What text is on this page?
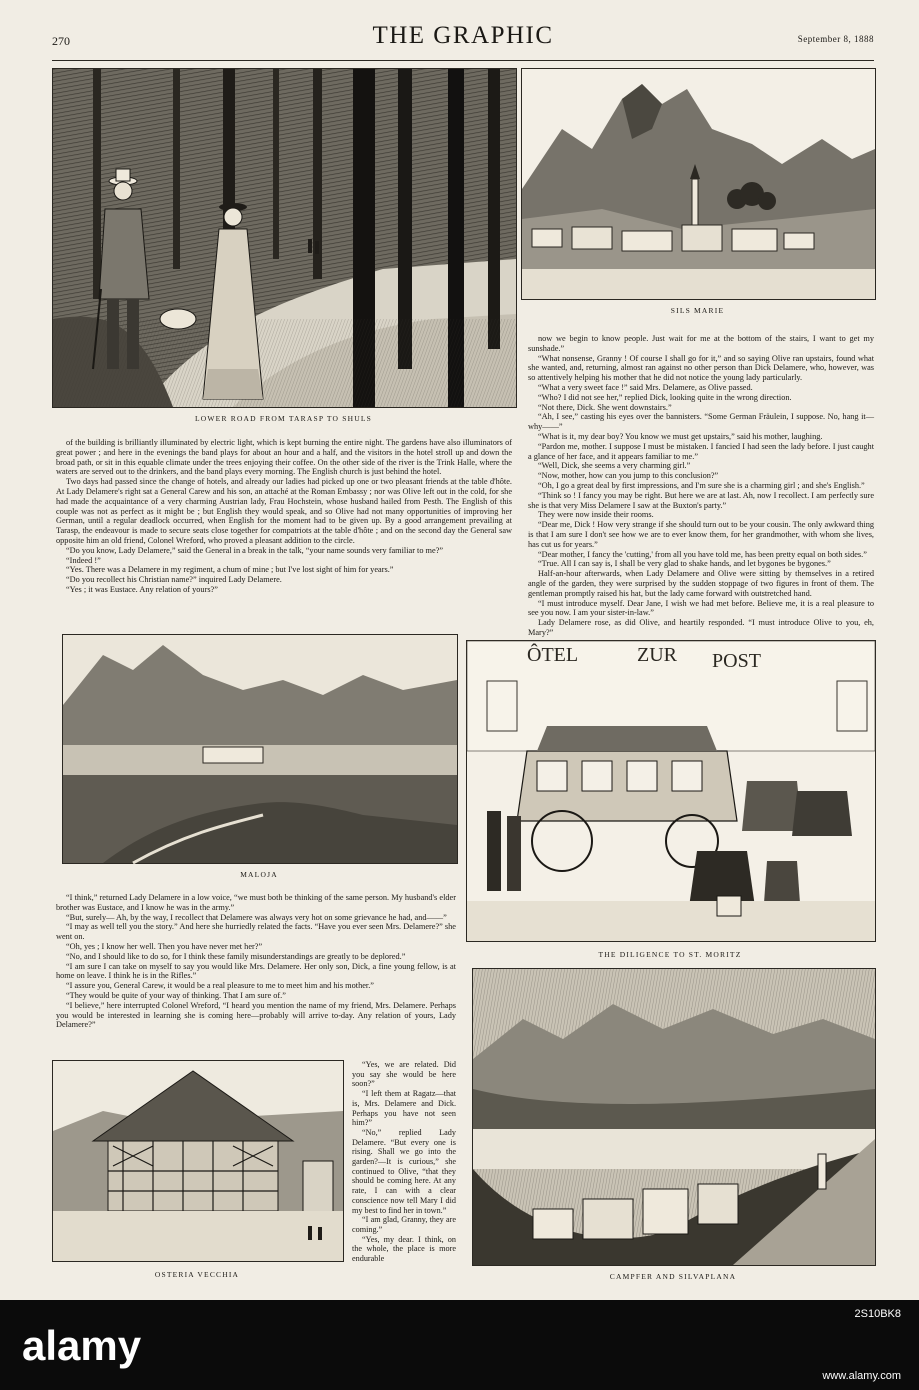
270	THE GRAPHIC	September 8, 1888
LOWER ROAD FROM TARASP TO SHULS
SILS MARIE

now we begin to know people. Just wait for me at the bottom of the stairs, I want to get my sunshade.”

“What nonsense, Granny ! Of course I shall go for it,” and so saying Olive ran upstairs, found what she wanted, and, returning, almost ran against no other person than Dick Delamere, who, however, was so attentively helping his mother that he did not notice the young lady particularly.

“What a very sweet face !” said Mrs. Delamere, as Olive passed.

“Who? I did not see her,” replied Dick, looking quite in the wrong direction.

“Not there, Dick. She went downstairs.”

“Ah, I see,” casting his eyes over the bannisters. “Some German Fräulein, I suppose. No, hang it—why——”

“What is it, my dear boy? You know we must get upstairs,” said his mother, laughing.

“Pardon me, mother. I suppose I must be mistaken. I fancied I had seen the lady before. I just caught a glance of her face, and it appears familiar to me.”

“Well, Dick, she seems a very charming girl.”

“Now, mother, how can you jump to this conclusion?”

“Oh, I go a great deal by first impressions, and I'm sure she is a charming girl ; and she's English.”

“Think so ! I fancy you may be right. But here we are at last. Ah, now I recollect. I am perfectly sure she is that very Miss Delamere I saw at the Buxton's party.”

They were now inside their rooms.

“Dear me, Dick ! How very strange if she should turn out to be your cousin. The only awkward thing is that I am sure I don't see how we are to ever know them, for her grandmother, with whom she lives, has cut us for years.”

“Dear mother, I fancy the 'cutting,' from all you have told me, has been pretty equal on both sides.”

“True. All I can say is, I shall be very glad to shake hands, and let bygones be bygones.”

Half-an-hour afterwards, when Lady Delamere and Olive were sitting by themselves in a retired angle of the garden, they were surprised by the sudden stoppage of two figures in front of them. The gentleman promptly raised his hat, but the lady came forward with outstretched hand.

“I must introduce myself. Dear Jane, I wish we had met before. Believe me, it is a real pleasure to see you now. I am your sister-in-law.”

Lady Delamere rose, as did Olive, and heartily responded. “I must introduce Olive to you, eh, Mary?”

of the building is brilliantly illuminated by electric light, which is kept burning the entire night. The gardens have also illuminators of great power ; and here in the evenings the band plays for about an hour and a half, and the visitors in the hotel stroll up and down the broad path, or sit in this equable climate under the trees enjoying their coffee. On the other side of the river is the Trink Halle, where the waters are served out to the drinkers, and the band plays every morning. The English church is just behind the hotel.

Two days had passed since the change of hotels, and already our ladies had picked up one or two pleasant friends at the table d'hôte. At Lady Delamere's right sat a General Carew and his son, an attaché at the Roman Embassy ; nor was Olive left out in the cold, for she had made the acquaintance of a very charming Austrian lady, Frau Hochstein, whose husband hailed from Pesth. The English of this couple was not as perfect as it might be ; but English they would speak, and so Olive had not many opportunities of improving her German, until a regular deadlock occurred, when English for the moment had to be given up. By a good arrangement prevailing at Tarasp, the endeavour is made to secure seats close together for compatriots at the table d'hôte ; and on the second day the General saw opposite him an old friend, Colonel Wreford, who proved a pleasant addition to the circle.

“Do you know, Lady Delamere,” said the General in a break in the talk, “your name sounds very familiar to me?”

“Indeed !”

“Yes. There was a Delamere in my regiment, a chum of mine ; but I've lost sight of him for years.”

“Do you recollect his Christian name?” inquired Lady Delamere.

“Yes ; it was Eustace. Any relation of yours?”

MALOJA
ÔTEL	ZUR POST
THE DILIGENCE TO ST. MORITZ

“I think,” returned Lady Delamere in a low voice, “we must both be thinking of the same person. My husband's elder brother was Eustace, and I know he was in the army.”

“But, surely— Ah, by the way, I recollect that Delamere was always very hot on some grievance he had, and——”

“I may as well tell you the story.” And here she hurriedly related the facts. “Have you ever seen Mrs. Delamere?” she went on.

“Oh, yes ; I know her well. Then you have never met her?”

“No, and I should like to do so, for I think these family misunderstandings are greatly to be deplored.”

“I am sure I can take on myself to say you would like Mrs. Delamere. Her only son, Dick, a fine young fellow, is at home on leave. I think he is in the Rifles.”

“I assure you, General Carew, it would be a real pleasure to me to meet him and his mother.”

“They would be quite of your way of thinking. That I am sure of.”

“I believe,” here interrupted Colonel Wreford, “I heard you mention the name of my friend, Mrs. Delamere. Perhaps you would be interested in learning she is coming here—probably will arrive to-day. Any relation of yours, Lady Delamere?”

OSTERIA VECCHIA

“Yes, we are related. Did you say she would be here soon?”

“I left them at Ragatz—that is, Mrs. Delamere and Dick. Perhaps you have not seen him?”

“No,” replied Lady Delamere. “But every one is rising. Shall we go into the garden?—It is curious,” she continued to Olive, “that they should be coming here. At any rate, I can with a clear conscience now tell Mary I did my best to find her in town.”

“I am glad, Granny, they are coming.”

“Yes, my dear. I think, on the whole, the place is more endurable

CAMPFER AND SILVAPLANA
alamy
2S10BK8
www.alamy.com
